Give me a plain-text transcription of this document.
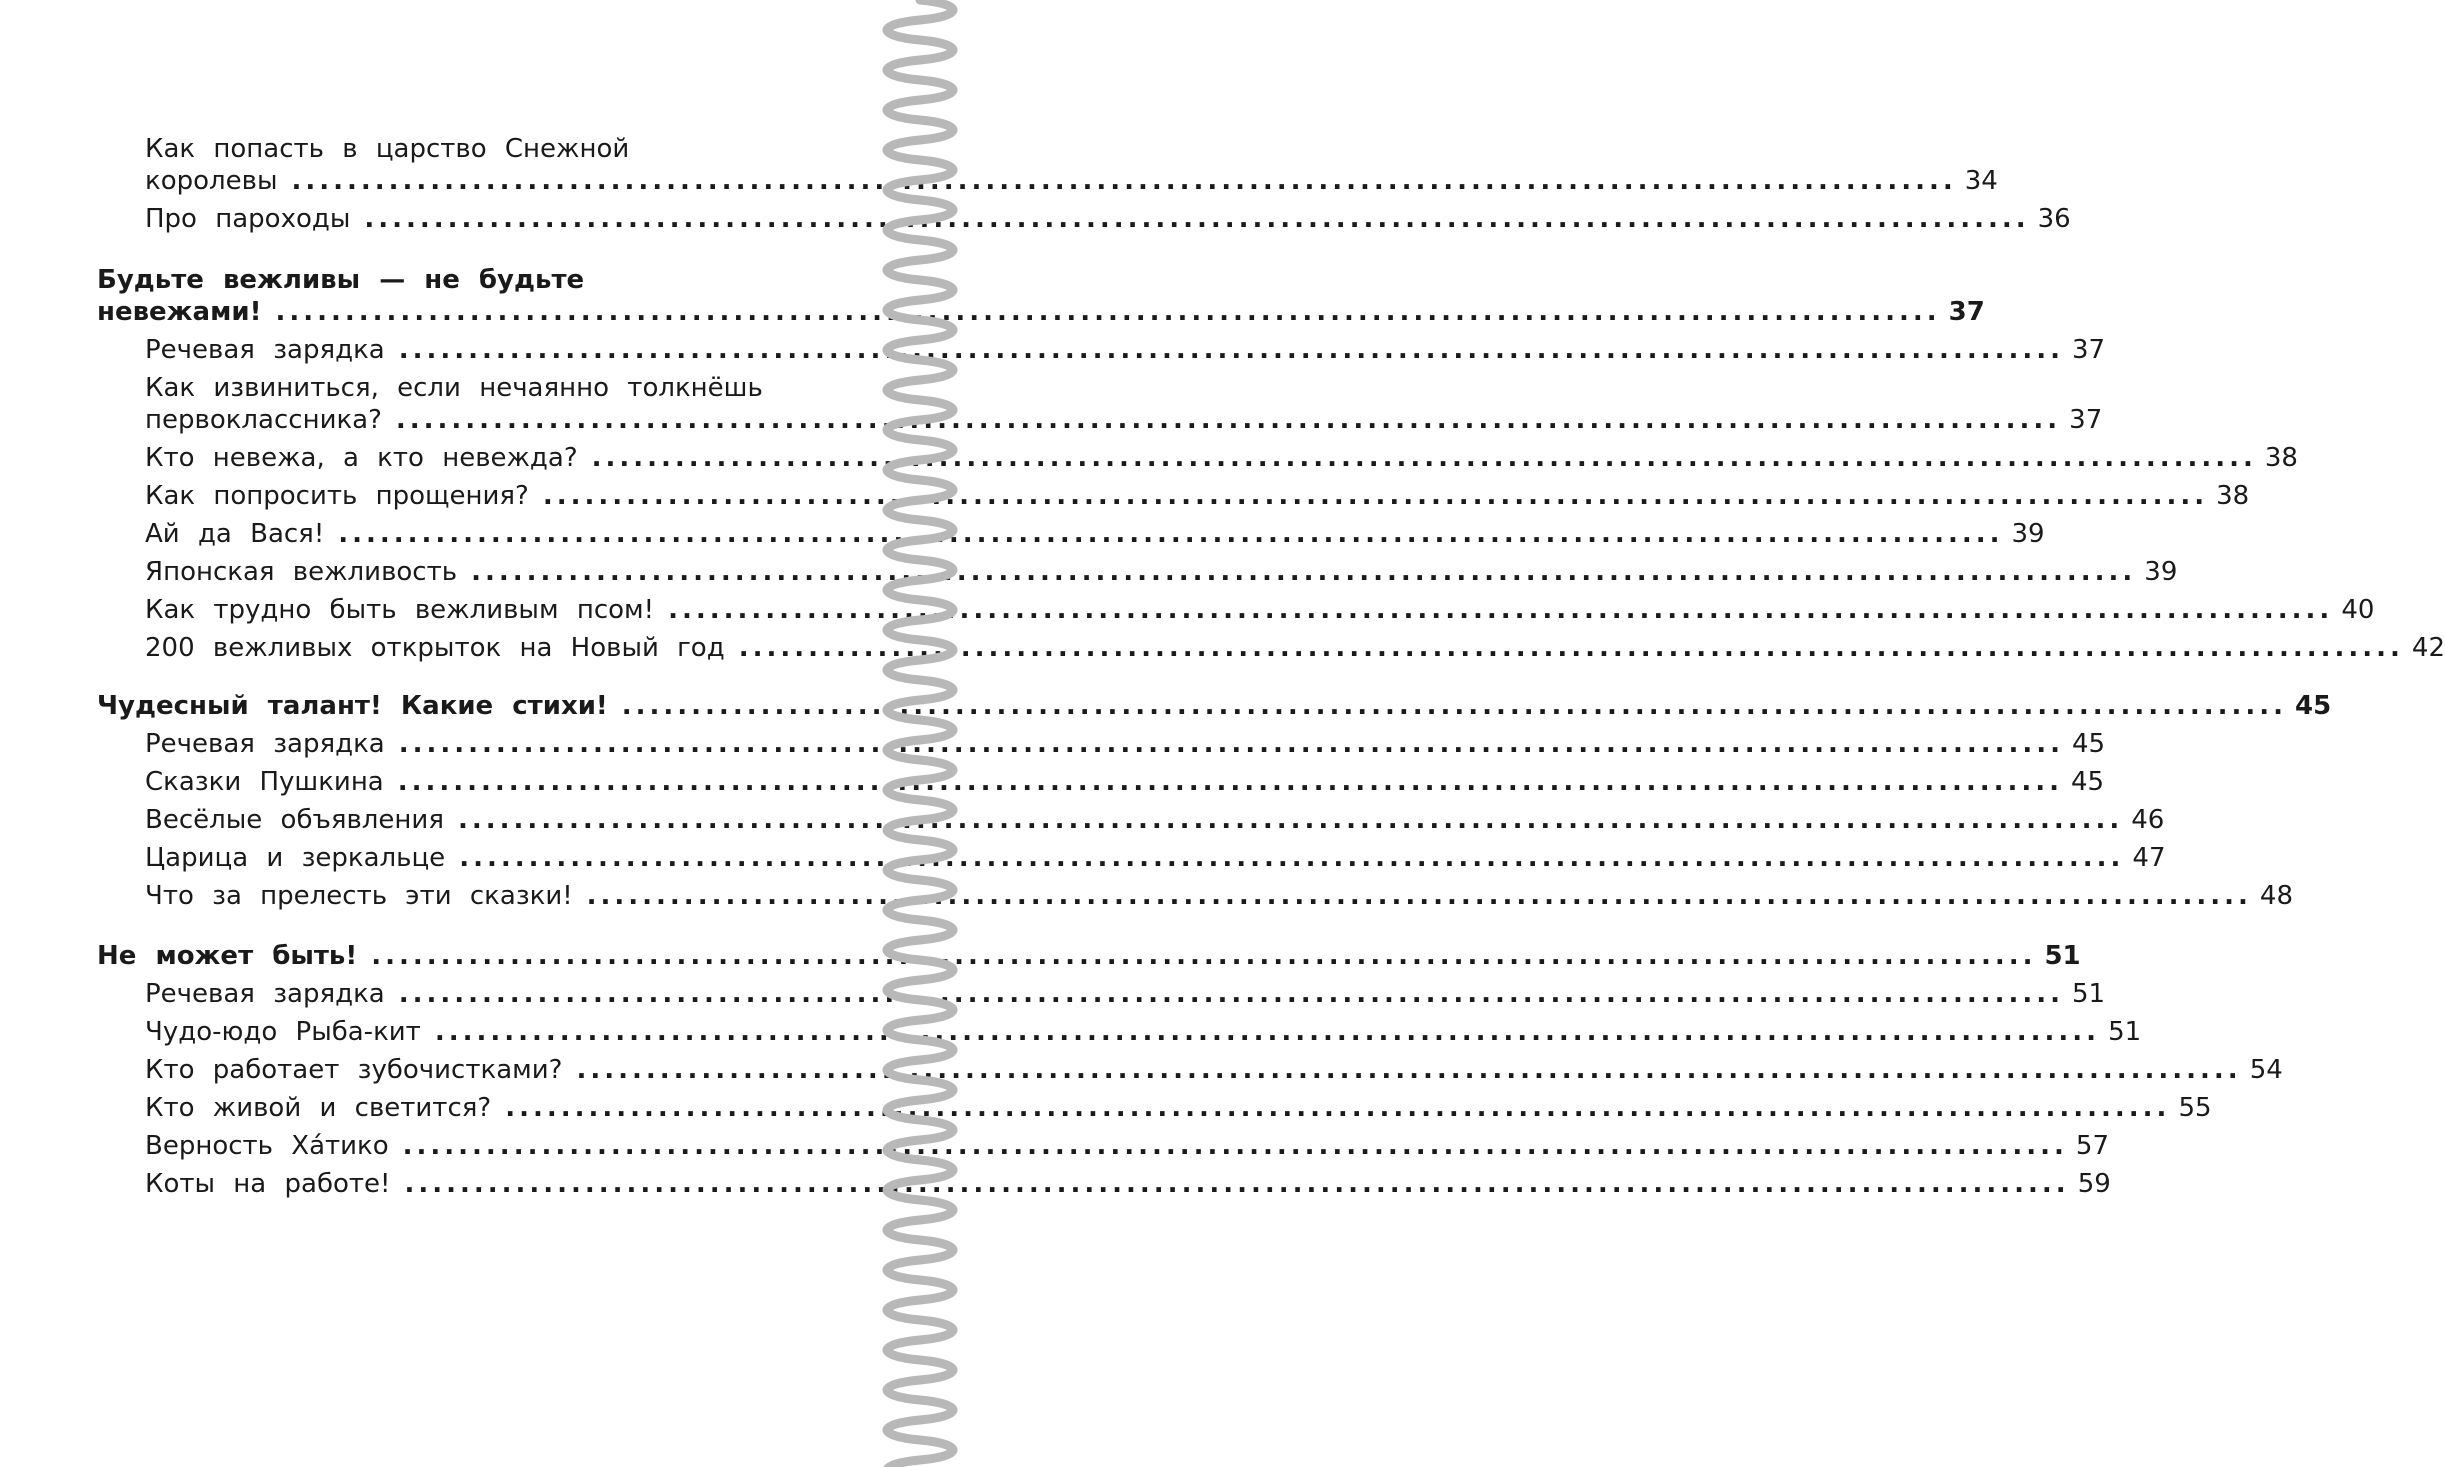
Как попасть в царство Снежной
королевы ........................................................................................................................ 34
Про пароходы ........................................................................................................................ 36
Будьте вежливы — не будьте
невежами! ........................................................................................................................ 37
Речевая зарядка ........................................................................................................................ 37
Как извиниться, если нечаянно толкнёшь
первоклассника? ........................................................................................................................ 37
Кто невежа, а кто невежда? ........................................................................................................................ 38
Как попросить прощения? ........................................................................................................................ 38
Ай да Вася! ........................................................................................................................ 39
Японская вежливость ........................................................................................................................ 39
Как трудно быть вежливым псом! ........................................................................................................................ 40
200 вежливых открыток на Новый год ........................................................................................................................ 42
Чудесный талант! Какие стихи! ........................................................................................................................ 45
Речевая зарядка ........................................................................................................................ 45
Сказки Пушкина ........................................................................................................................ 45
Весёлые объявления ........................................................................................................................ 46
Царица и зеркальце ........................................................................................................................ 47
Что за прелесть эти сказки! ........................................................................................................................ 48
Не может быть! ........................................................................................................................ 51
Речевая зарядка ........................................................................................................................ 51
Чудо-юдо Рыба-кит ........................................................................................................................ 51
Кто работает зубочистками? ........................................................................................................................ 54
Кто живой и светится? ........................................................................................................................ 55
Верность Xáтико ........................................................................................................................ 57
Коты на работе! ........................................................................................................................ 59
